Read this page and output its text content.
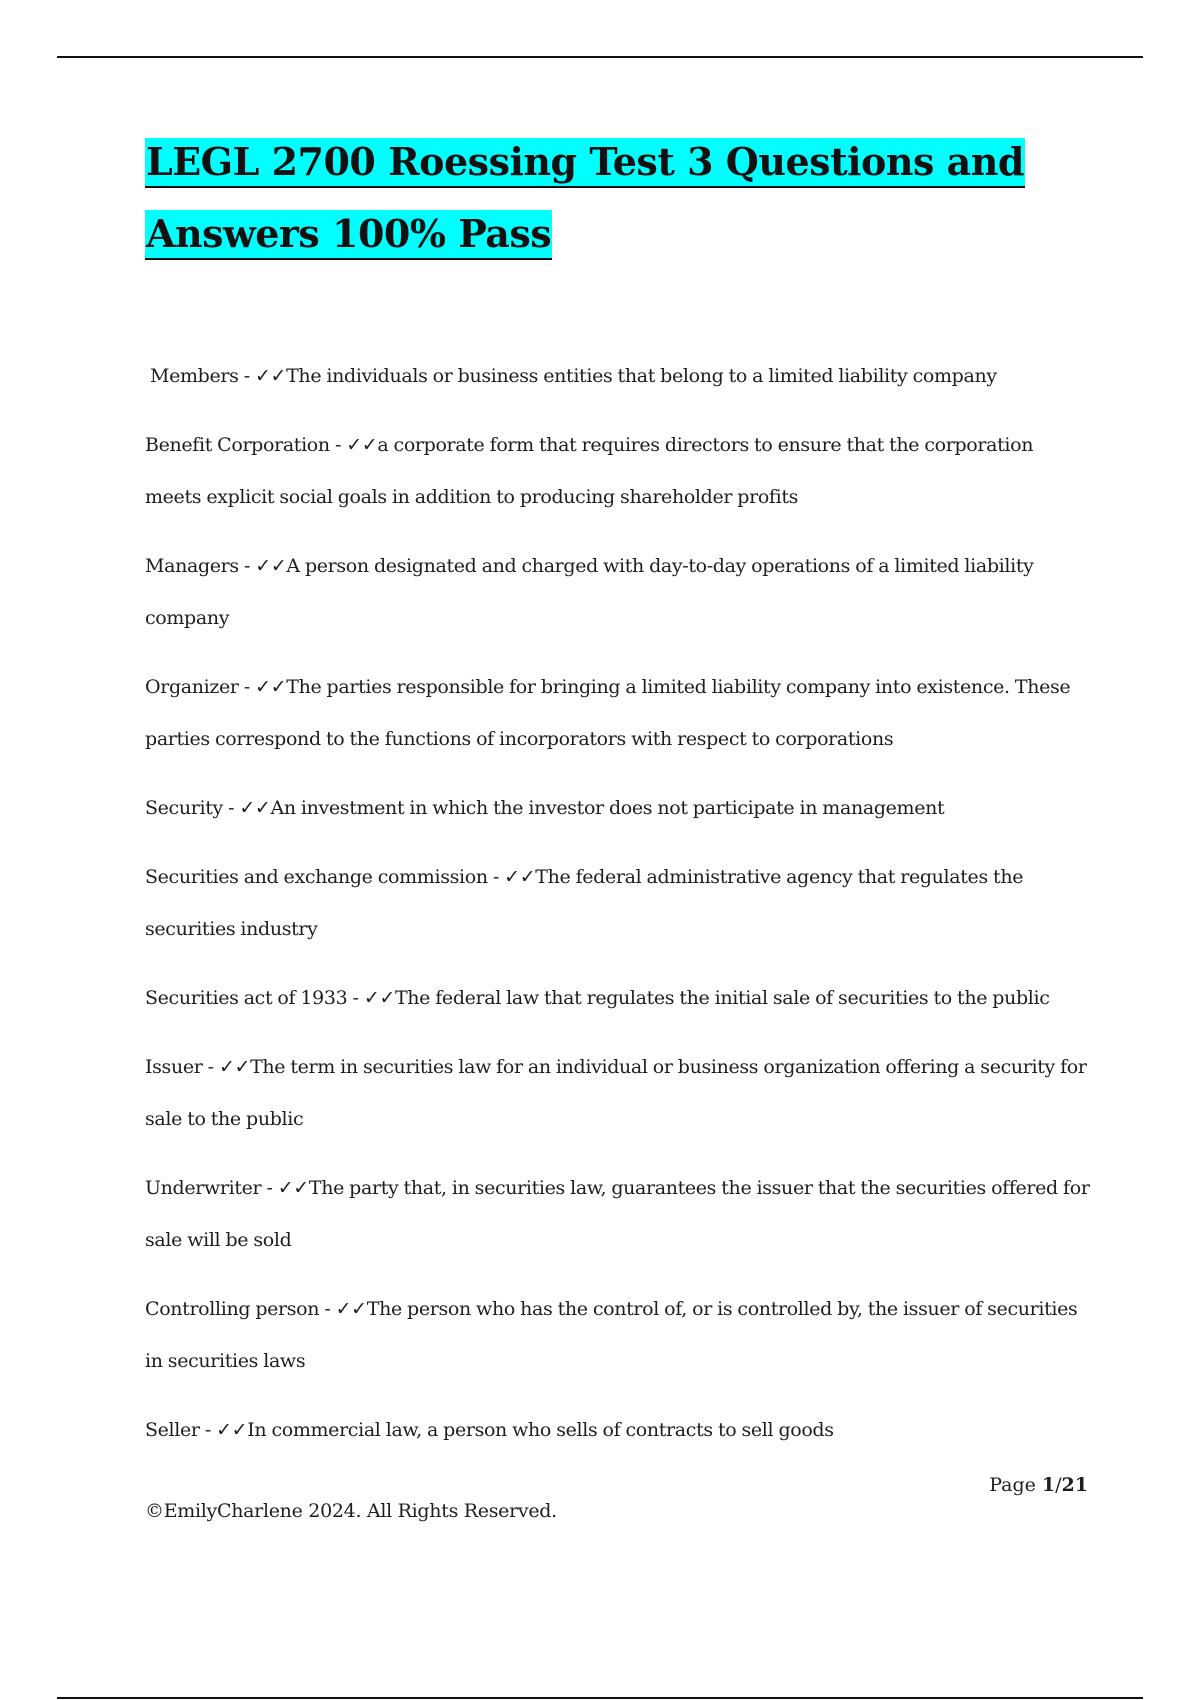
LEGL 2700 Roessing Test 3 Questions and
Answers 100% Pass

Members - ✓✓The individuals or business entities that belong to a limited liability company

Benefit Corporation - ✓✓a corporate form that requires directors to ensure that the corporation meets explicit social goals in addition to producing shareholder profits

Managers - ✓✓A person designated and charged with day-to-day operations of a limited liability company

Organizer - ✓✓The parties responsible for bringing a limited liability company into existence. These parties correspond to the functions of incorporators with respect to corporations

Security - ✓✓An investment in which the investor does not participate in management

Securities and exchange commission - ✓✓The federal administrative agency that regulates the securities industry

Securities act of 1933 - ✓✓The federal law that regulates the initial sale of securities to the public

Issuer - ✓✓The term in securities law for an individual or business organization offering a security for sale to the public

Underwriter - ✓✓The party that, in securities law, guarantees the issuer that the securities offered for sale will be sold

Controlling person - ✓✓The person who has the control of, or is controlled by, the issuer of securities in securities laws

Seller - ✓✓In commercial law, a person who sells of contracts to sell goods

Page 1/21
©EmilyCharlene 2024. All Rights Reserved.
